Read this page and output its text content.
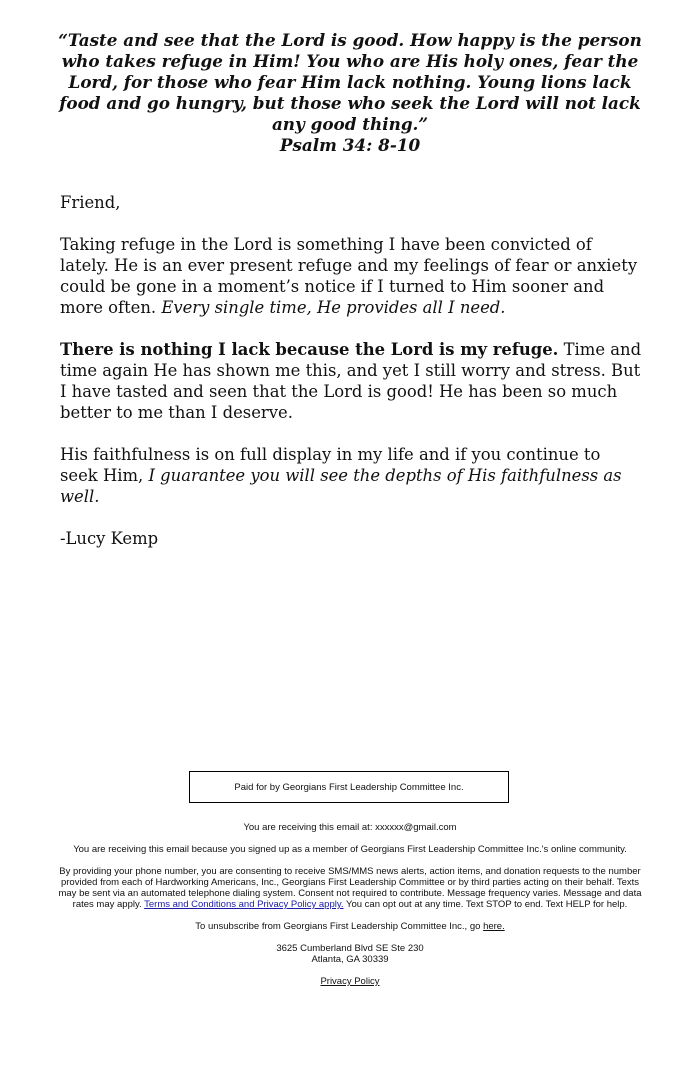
“Taste and see that the Lord is good. How happy is the person who takes refuge in Him! You who are His holy ones, fear the Lord, for those who fear Him lack nothing. Young lions lack food and go hungry, but those who seek the Lord will not lack any good thing.”
Psalm 34: 8-10

Friend,

Taking refuge in the Lord is something I have been convicted of lately. He is an ever present refuge and my feelings of fear or anxiety could be gone in a moment’s notice if I turned to Him sooner and more often. Every single time, He provides all I need.

There is nothing I lack because the Lord is my refuge. Time and time again He has shown me this, and yet I still worry and stress. But I have tasted and seen that the Lord is good! He has been so much better to me than I deserve.

His faithfulness is on full display in my life and if you continue to seek Him, I guarantee you will see the depths of His faithfulness as well.

-Lucy Kemp

Paid for by Georgians First Leadership Committee Inc.

You are receiving this email at: xxxxxx@gmail.com

You are receiving this email because you signed up as a member of Georgians First Leadership Committee Inc.'s online community.

By providing your phone number, you are consenting to receive SMS/MMS news alerts, action items, and donation requests to the number provided from each of Hardworking Americans, Inc., Georgians First Leadership Committee or by third parties acting on their behalf. Texts may be sent via an automated telephone dialing system. Consent not required to contribute. Message frequency varies. Message and data rates may apply. Terms and Conditions and Privacy Policy apply. You can opt out at any time. Text STOP to end. Text HELP for help.

To unsubscribe from Georgians First Leadership Committee Inc., go here.

3625 Cumberland Blvd SE Ste 230
Atlanta, GA 30339

Privacy Policy
